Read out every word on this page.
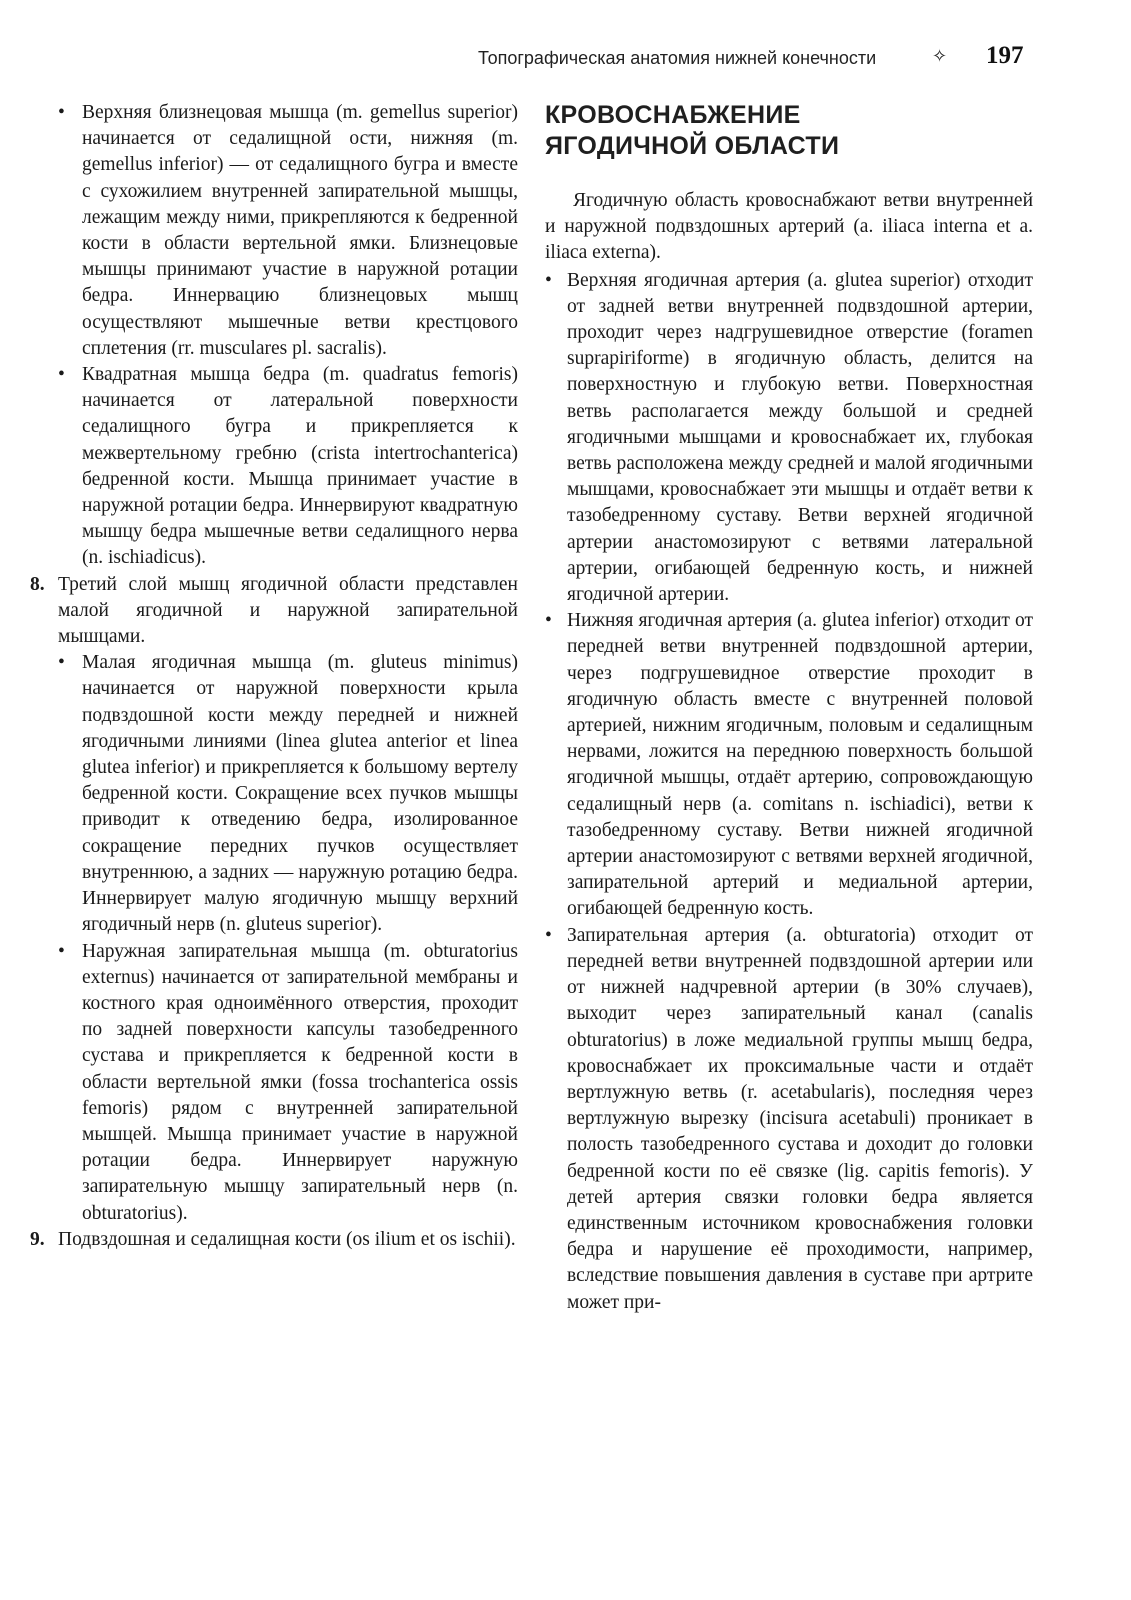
Топографическая анатомия нижней конечности	✧ 197

• Верхняя близнецовая мышца (m. gemellus superior) начинается от седалищной ости, нижняя (m. gemellus inferior) — от седалищного бугра и вместе с сухожилием внутренней запирательной мышцы, лежащим между ними, прикрепляются к бедренной кости в области вертельной ямки. Близнецовые мышцы принимают участие в наружной ротации бедра. Иннервацию близнецовых мышц осуществляют мышечные ветви крестцового сплетения (rr. musculares pl. sacralis).

• Квадратная мышца бедра (m. quadratus femoris) начинается от латеральной поверхности седалищного бугра и прикрепляется к межвертельному гребню (crista intertrochanterica) бедренной кости. Мышца принимает участие в наружной ротации бедра. Иннервируют квадратную мышцу бедра мышечные ветви седалищного нерва (n. ischiadicus).

8. Третий слой мышц ягодичной области представлен малой ягодичной и наружной запирательной мышцами.

• Малая ягодичная мышца (m. gluteus minimus) начинается от наружной поверхности крыла подвздошной кости между передней и нижней ягодичными линиями (linea glutea anterior et linea glutea inferior) и прикрепляется к большому вертелу бедренной кости. Сокращение всех пучков мышцы приводит к отведению бедра, изолированное сокращение передних пучков осуществляет внутреннюю, а задних — наружную ротацию бедра. Иннервирует малую ягодичную мышцу верхний ягодичный нерв (n. gluteus superior).

• Наружная запирательная мышца (m. obturatorius externus) начинается от запирательной мембраны и костного края одноимённого отверстия, проходит по задней поверхности капсулы тазобедренного сустава и прикрепляется к бедренной кости в области вертельной ямки (fossa trochanterica ossis femoris) рядом с внутренней запирательной мышцей. Мышца принимает участие в наружной ротации бедра. Иннервирует наружную запирательную мышцу запирательный нерв (n. obturatorius).

9. Подвздошная и седалищная кости (os ilium et os ischii).

КРОВОСНАБЖЕНИЕ
ЯГОДИЧНОЙ ОБЛАСТИ

Ягодичную область кровоснабжают ветви внутренней и наружной подвздошных артерий (a. iliaca interna et a. iliaca externa).

• Верхняя ягодичная артерия (a. glutea superior) отходит от задней ветви внутренней подвздошной артерии, проходит через надгрушевидное отверстие (foramen suprapiriforme) в ягодичную область, делится на поверхностную и глубокую ветви. Поверхностная ветвь располагается между большой и средней ягодичными мышцами и кровоснабжает их, глубокая ветвь расположена между средней и малой ягодичными мышцами, кровоснабжает эти мышцы и отдаёт ветви к тазобедренному суставу. Ветви верхней ягодичной артерии анастомозируют с ветвями латеральной артерии, огибающей бедренную кость, и нижней ягодичной артерии.

• Нижняя ягодичная артерия (a. glutea inferior) отходит от передней ветви внутренней подвздошной артерии, через подгрушевидное отверстие проходит в ягодичную область вместе с внутренней половой артерией, нижним ягодичным, половым и седалищным нервами, ложится на переднюю поверхность большой ягодичной мышцы, отдаёт артерию, сопровождающую седалищный нерв (a. comitans n. ischiadici), ветви к тазобедренному суставу. Ветви нижней ягодичной артерии анастомозируют с ветвями верхней ягодичной, запирательной артерий и медиальной артерии, огибающей бедренную кость.

• Запирательная артерия (a. obturatoria) отходит от передней ветви внутренней подвздошной артерии или от нижней надчревной артерии (в 30% случаев), выходит через запирательный канал (canalis obturatorius) в ложе медиальной группы мышц бедра, кровоснабжает их проксимальные части и отдаёт вертлужную ветвь (r. acetabularis), последняя через вертлужную вырезку (incisura acetabuli) проникает в полость тазобедренного сустава и доходит до головки бедренной кости по её связке (lig. capitis femoris). У детей артерия связки головки бедра является единственным источником кровоснабжения головки бедра и нарушение её проходимости, например, вследствие повышения давления в суставе при артрите может при-
